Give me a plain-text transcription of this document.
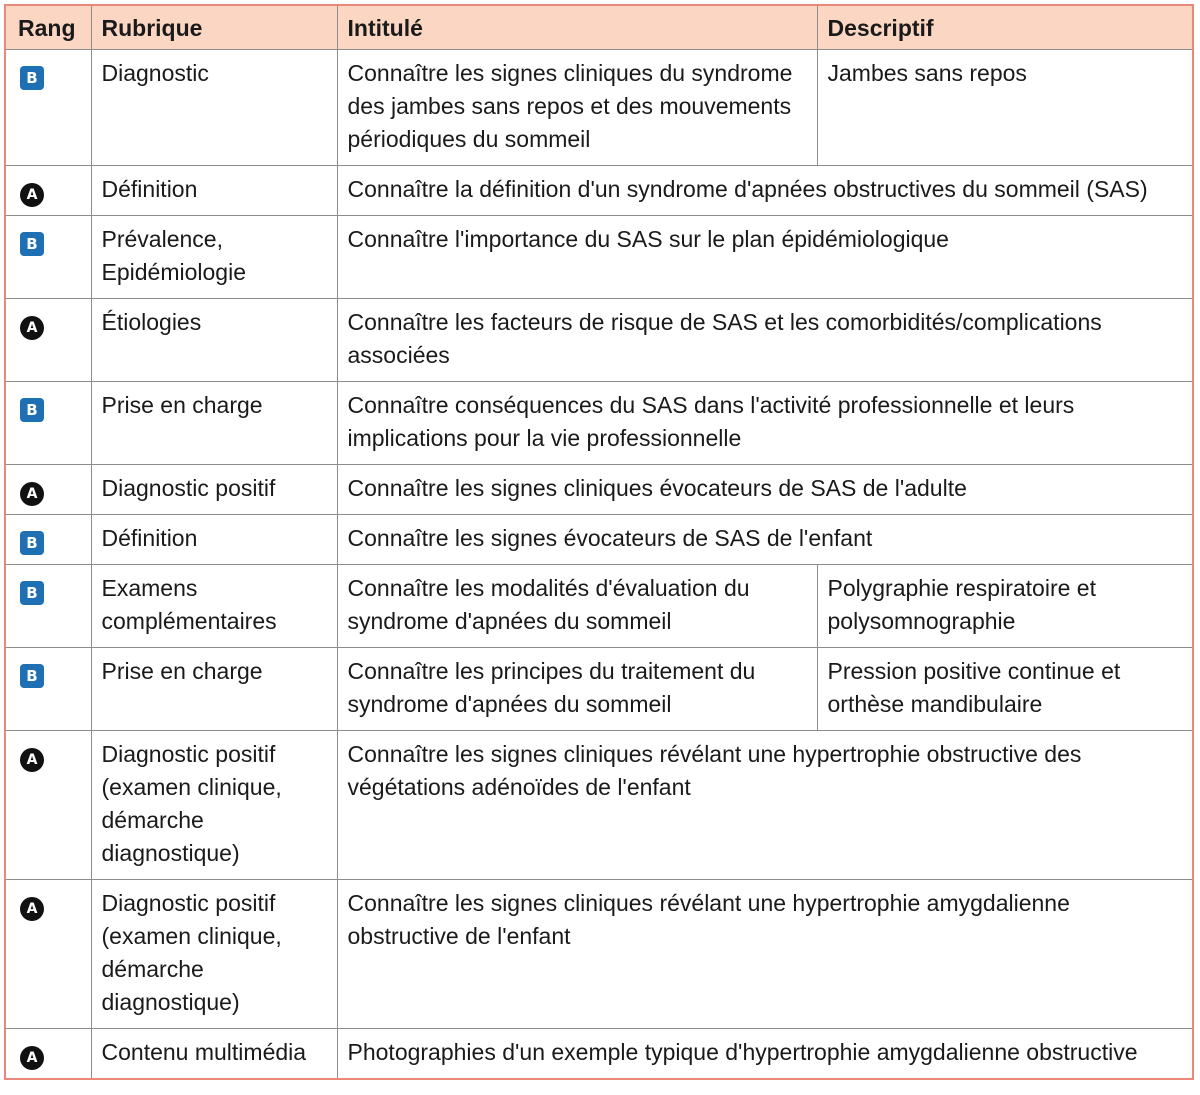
Rang	Rubrique	Intitulé	Descriptif
B	Diagnostic	Connaître les signes cliniques du syndrome des jambes sans repos et des mouvements périodiques du sommeil	Jambes sans repos
A	Définition	Connaître la définition d'un syndrome d'apnées obstructives du sommeil (SAS)	
B	Prévalence, Epidémiologie	Connaître l'importance du SAS sur le plan épidémiologique	
A	Étiologies	Connaître les facteurs de risque de SAS et les comorbidités/complications associées	
B	Prise en charge	Connaître conséquences du SAS dans l'activité professionnelle et leurs implications pour la vie professionnelle	
A	Diagnostic positif	Connaître les signes cliniques évocateurs de SAS de l'adulte	
B	Définition	Connaître les signes évocateurs de SAS de l'enfant	
B	Examens complémentaires	Connaître les modalités d'évaluation du syndrome d'apnées du sommeil	Polygraphie respiratoire et polysomnographie
B	Prise en charge	Connaître les principes du traitement du syndrome d'apnées du sommeil	Pression positive continue et orthèse mandibulaire
A	Diagnostic positif (examen clinique, démarche diagnostique)	Connaître les signes cliniques révélant une hypertrophie obstructive des végétations adénoïdes de l'enfant	
A	Diagnostic positif (examen clinique, démarche diagnostique)	Connaître les signes cliniques révélant une hypertrophie amygdalienne obstructive de l'enfant	
A	Contenu multimédia	Photographies d'un exemple typique d'hypertrophie amygdalienne obstructive	
